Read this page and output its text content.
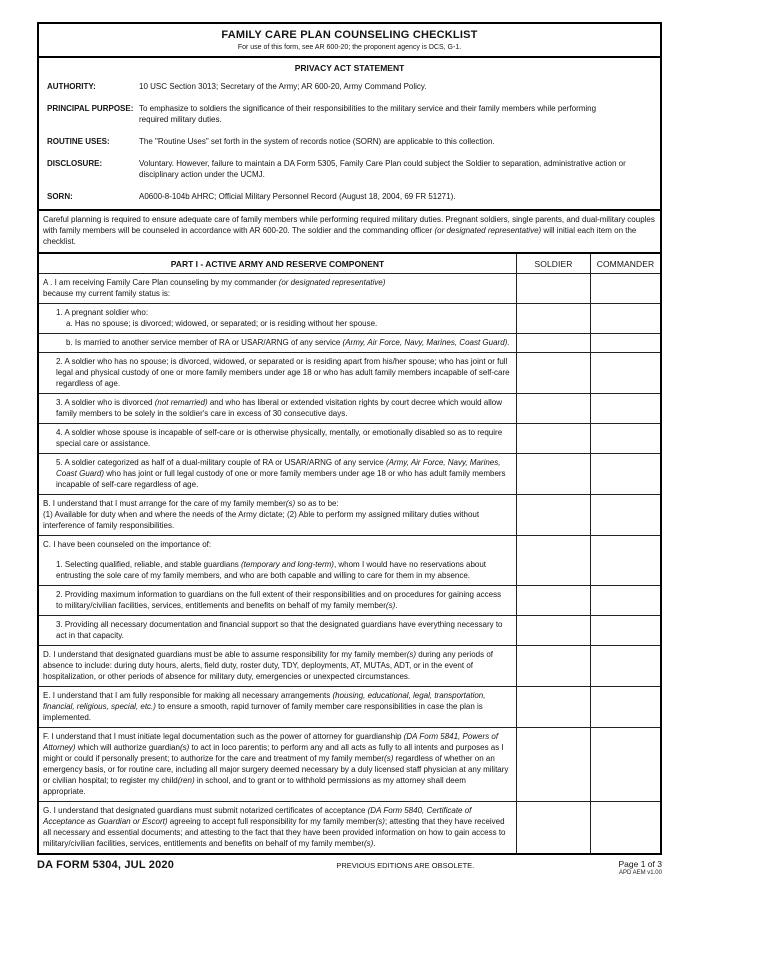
FAMILY CARE PLAN COUNSELING CHECKLIST
For use of this form, see AR 600-20; the proponent agency is DCS, G-1.
PRIVACY ACT STATEMENT
AUTHORITY:	10 USC Section 3013; Secretary of the Army; AR 600-20, Army Command Policy.
PRINCIPAL PURPOSE: To emphasize to soldiers the significance of their responsibilities to the military service and their family members while performing required military duties.
ROUTINE USES:	The "Routine Uses" set forth in the system of records notice (SORN) are applicable to this collection.
DISCLOSURE:	Voluntary. However, failure to maintain a DA Form 5305, Family Care Plan could subject the Soldier to separation, administrative action or disciplinary action under the UCMJ.
SORN:	A0600-8-104b AHRC; Official Military Personnel Record (August 18, 2004, 69 FR 51271).
Careful planning is required to ensure adequate care of family members while performing required military duties. Pregnant soldiers, single parents, and dual-military couples with family members will be counseled in accordance with AR 600-20. The soldier and the commanding officer (or designated representative) will initial each item on the checklist.
PART I - ACTIVE ARMY AND RESERVE COMPONENT	SOLDIER	COMMANDER
A . I am receiving Family Care Plan counseling by my commander (or designated representative)
because my current family status is:
1. A pregnant soldier who:
a. Has no spouse; is divorced; widowed, or separated; or is residing without her spouse.
b. Is married to another service member of RA or USAR/ARNG of any service (Army, Air Force, Navy, Marines, Coast Guard).
2. A soldier who has no spouse; is divorced, widowed, or separated or is residing apart from his/her spouse; who has joint or full legal and physical custody of one or more family members under age 18 or who has adult family members incapable of self-care regardless of age.
3. A soldier who is divorced (not remarried) and who has liberal or extended visitation rights by court decree which would allow family members to be solely in the soldier's care in excess of 30 consecutive days.
4. A soldier whose spouse is incapable of self-care or is otherwise physically, mentally, or emotionally disabled so as to require special care or assistance.
5. A soldier categorized as half of a dual-military couple of RA or USAR/ARNG of any service (Army, Air Force, Navy, Marines, Coast Guard) who has joint or full legal custody of one or more family members under age 18 or who has adult family members incapable of self-care regardless of age.
B. I understand that I must arrange for the care of my family member(s) so as to be:
(1) Available for duty when and where the needs of the Army dictate; (2) Able to perform my assigned military duties without interference of family responsibilities.
C. I have been counseled on the importance of:
1. Selecting qualified, reliable, and stable guardians (temporary and long-term), whom I would have no reservations about entrusting the sole care of my family members, and who are both capable and willing to care for them in my absence.
2. Providing maximum information to guardians on the full extent of their responsibilities and on procedures for gaining access to military/civilian facilities, services, entitlements and benefits on behalf of my family member(s).
3. Providing all necessary documentation and financial support so that the designated guardians have everything necessary to act in that capacity.
D. I understand that designated guardians must be able to assume responsibility for my family member(s) during any periods of absence to include: during duty hours, alerts, field duty, roster duty, TDY, deployments, AT, MUTAs, ADT, or in the event of hospitalization, or other periods of absence for military duty, emergencies or unexpected circumstances.
E. I understand that I am fully responsible for making all necessary arrangements (housing, educational, legal, transportation, financial, religious, special, etc.) to ensure a smooth, rapid turnover of family member care responsibilities in case the plan is implemented.
F. I understand that I must initiate legal documentation such as the power of attorney for guardianship (DA Form 5841, Powers of Attorney) which will authorize guardian(s) to act in loco parentis; to perform any and all acts as fully to all intents and purposes as I might or could if personally present; to authorize for the care and treatment of my family member(s) regardless of whether on an emergency basis, or for routine care, including all major surgery deemed necessary by a duly licensed staff physician at any military or civilian hospital; to register my child(ren) in school, and to grant or to withhold permissions as my attorney shall deem appropriate.
G. I understand that designated guardians must submit notarized certificates of acceptance (DA Form 5840, Certificate of Acceptance as Guardian or Escort) agreeing to accept full responsibility for my family member(s); attesting that they have received all necessary and essential documents; and attesting to the fact that they have been provided information on how to gain access to military/civilian facilities, services, entitlements and benefits on behalf of my family member(s).
DA FORM 5304, JUL 2020	PREVIOUS EDITIONS ARE OBSOLETE.	Page 1 of 3
APD AEM v1.00
